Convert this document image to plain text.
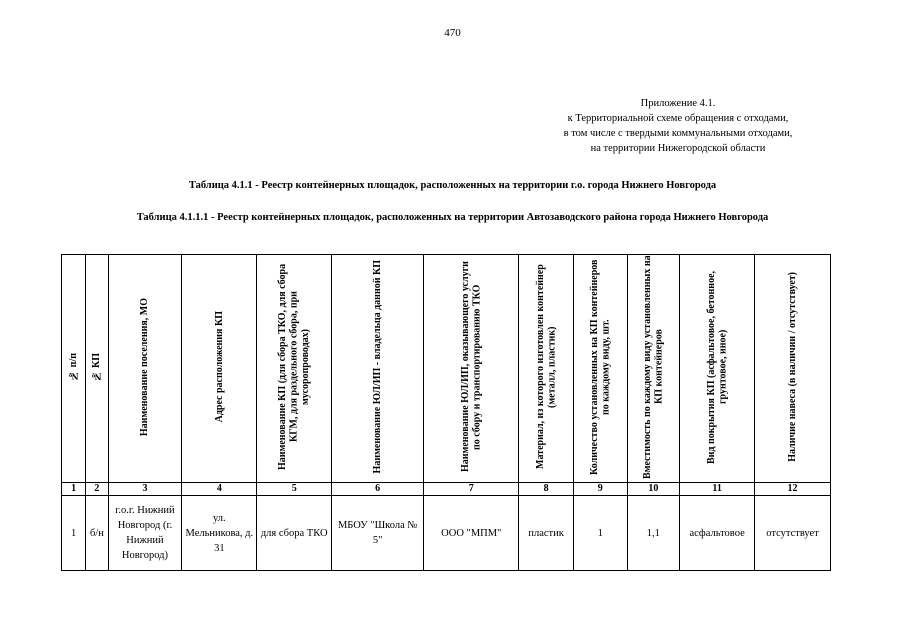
470
Приложение 4.1.
к Территориальной схеме обращения с отходами,
в том числе с твердыми коммунальными отходами,
на территории Нижегородской области
Таблица 4.1.1 - Реестр контейнерных площадок, расположенных на территории г.о. города Нижнего Новгорода
Таблица 4.1.1.1 - Реестр контейнерных площадок, расположенных на территории Автозаводского района города Нижнего Новгорода
№ п/п	№ КП	Наименование поселения, МО	Адрес расположения КП	Наименование КП (для сбора ТКО, для сбора КГМ, для раздельного сбора, при мусоропроводах)	Наименование ЮЛ/ИП - владельца данной КП	Наименование ЮЛ/ИП, оказывающего услуги по сбору и транспортированию ТКО	Материал, из которого изготовлен контейнер (металл, пластик)	Количество установленных на КП контейнеров по каждому виду, шт.	Вместимость по каждому виду установленных на КП контейнеров	Вид покрытия КП (асфальтовое, бетонное, грунтовое, иное)	Наличие навеса (в наличии / отсутствует)
1	2	3	4	5	6	7	8	9	10	11	12
1	б/н	г.о.г. Нижний Новгород (г. Нижний Новгород)	ул. Мельникова, д. 31	для сбора ТКО	МБОУ "Школа № 5"	ООО "МПМ"	пластик	1	1,1	асфальтовое	отсутствует
